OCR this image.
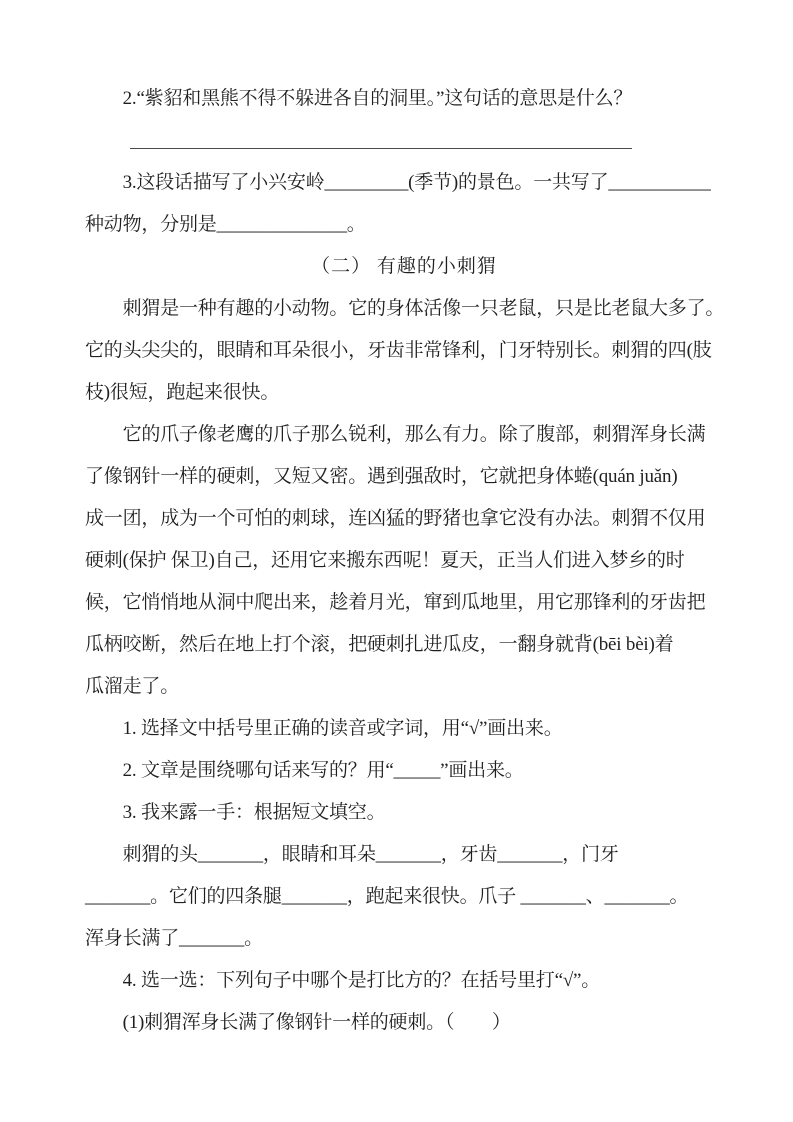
　　2.“紫貂和黑熊不得不躲进各自的洞里。”这句话的意思是什么？
　　3.这段话描写了小兴安岭_________(季节)的景色。一共写了___________
种动物，分别是______________。
（二） 有趣的小刺猬
　　刺猬是一种有趣的小动物。它的身体活像一只老鼠，只是比老鼠大多了。
它的头尖尖的，眼睛和耳朵很小，牙齿非常锋利，门牙特别长。刺猬的四(肢
枝)很短，跑起来很快。
　　它的爪子像老鹰的爪子那么锐利，那么有力。除了腹部，刺猬浑身长满
了像钢针一样的硬刺，又短又密。遇到强敌时，它就把身体蜷(quán juǎn)
成一团，成为一个可怕的刺球，连凶猛的野猪也拿它没有办法。刺猬不仅用
硬刺(保护 保卫)自己，还用它来搬东西呢！夏天，正当人们进入梦乡的时
候，它悄悄地从洞中爬出来，趁着月光，窜到瓜地里，用它那锋利的牙齿把
瓜柄咬断，然后在地上打个滚，把硬刺扎进瓜皮，一翻身就背(bēi bèi)着
瓜溜走了。
　　1. 选择文中括号里正确的读音或字词，用“√”画出来。
　　2. 文章是围绕哪句话来写的？用“_____”画出来。
　　3. 我来露一手：根据短文填空。
　　刺猬的头_______，眼睛和耳朵_______，牙齿_______，门牙
_______。它们的四条腿_______，跑起来很快。爪子 _______、_______。
浑身长满了_______。
　　4. 选一选：下列句子中哪个是打比方的？在括号里打“√”。
　　(1)刺猬浑身长满了像钢针一样的硬刺。（　　）
